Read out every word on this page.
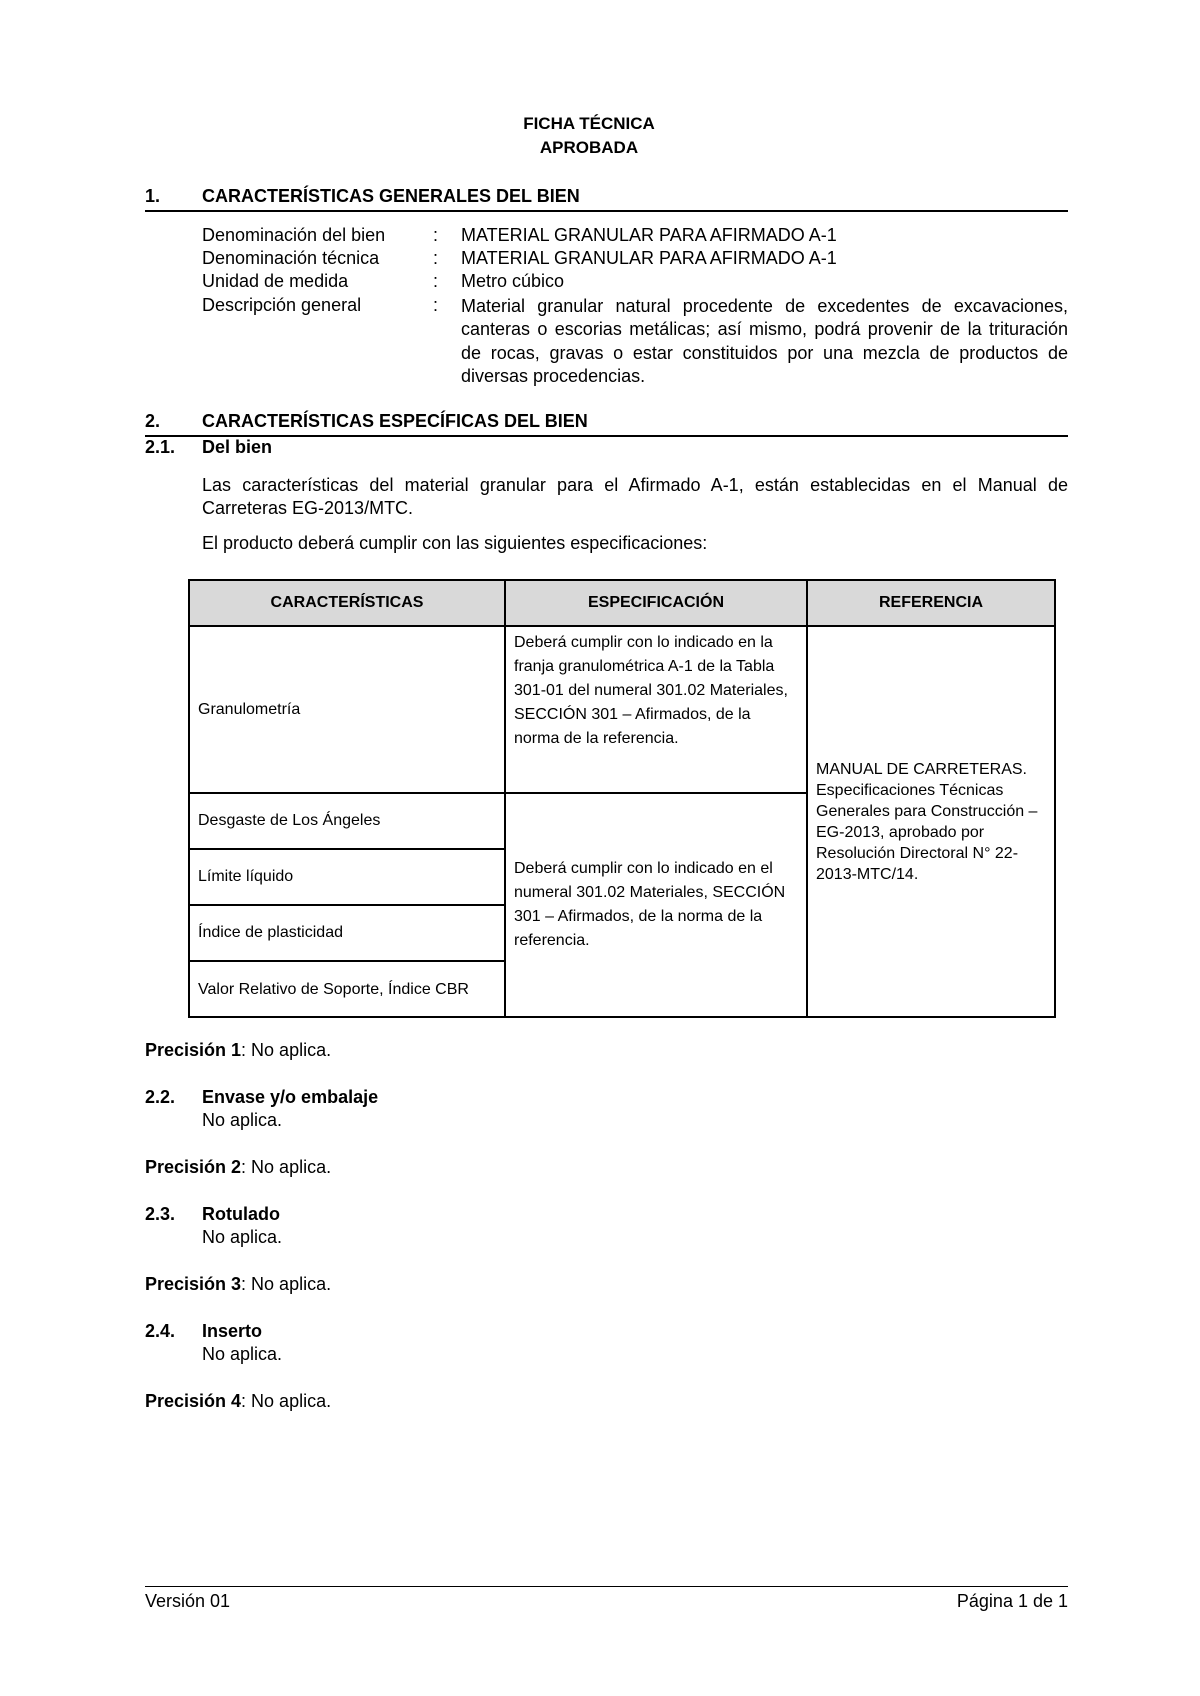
FICHA TÉCNICA
APROBADA
1. CARACTERÍSTICAS GENERALES DEL BIEN
Denominación del bien	: MATERIAL GRANULAR PARA AFIRMADO A-1
Denominación técnica	: MATERIAL GRANULAR PARA AFIRMADO A-1
Unidad de medida	: Metro cúbico
Descripción general	: Material granular natural procedente de excedentes de excavaciones, canteras o escorias metálicas; así mismo, podrá provenir de la trituración de rocas, gravas o estar constituidos por una mezcla de productos de diversas procedencias.
2. CARACTERÍSTICAS ESPECÍFICAS DEL BIEN
2.1. Del bien
Las características del material granular para el Afirmado A-1, están establecidas en el Manual de Carreteras EG-2013/MTC.
El producto deberá cumplir con las siguientes especificaciones:
CARACTERÍSTICAS	ESPECIFICACIÓN	REFERENCIA
Granulometría	Deberá cumplir con lo indicado en la franja granulométrica A-1 de la Tabla 301-01 del numeral 301.02 Materiales, SECCIÓN 301 – Afirmados, de la norma de la referencia.	MANUAL DE CARRETERAS. Especificaciones Técnicas Generales para Construcción – EG-2013, aprobado por Resolución Directoral N° 22-2013-MTC/14.
Desgaste de Los Ángeles	Deberá cumplir con lo indicado en el numeral 301.02 Materiales, SECCIÓN 301 – Afirmados, de la norma de la referencia.	
Límite líquido		
Índice de plasticidad		
Valor Relativo de Soporte, Índice CBR		
Precisión 1: No aplica.
2.2. Envase y/o embalaje
No aplica.
Precisión 2: No aplica.
2.3. Rotulado
No aplica.
Precisión 3: No aplica.
2.4. Inserto
No aplica.
Precisión 4: No aplica.
Versión 01	Página 1 de 1
